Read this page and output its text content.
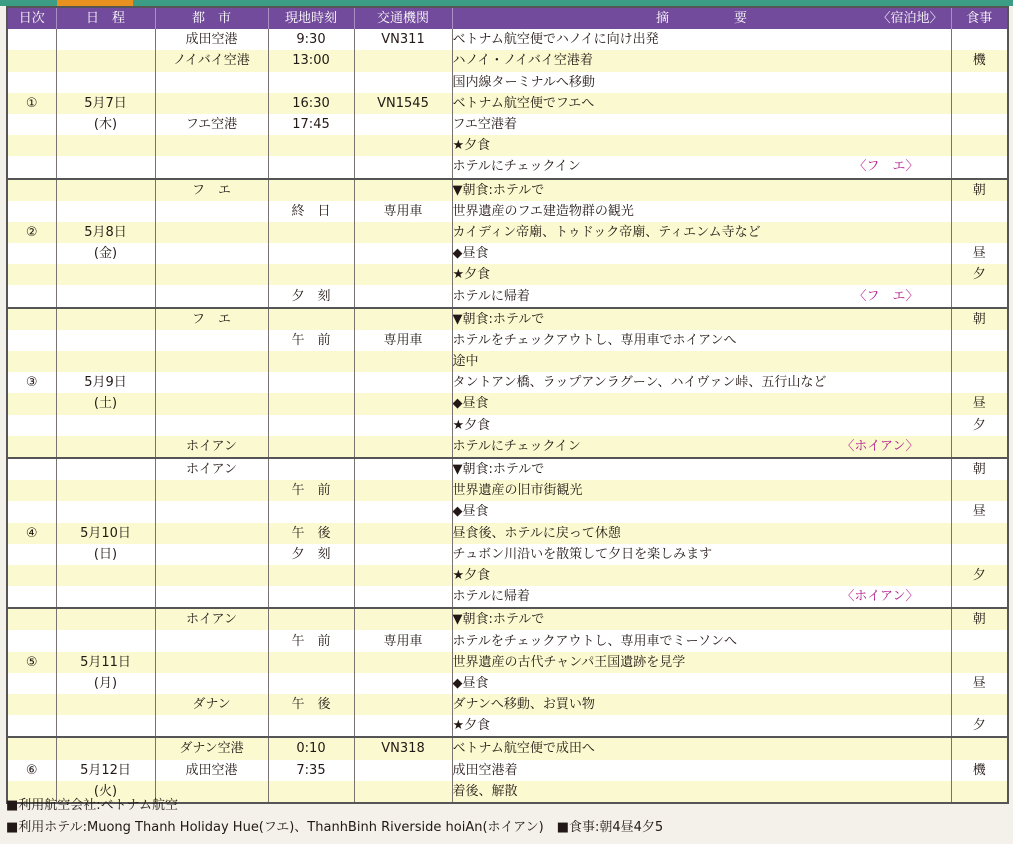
日次	日　程	都　市	現地時刻	交通機関	摘　　　　　要 〈宿泊地〉	食事
		成田空港	9:30	VN311	ベトナム航空便でハノイに向け出発	
		ノイバイ空港	13:00		ハノイ・ノイバイ空港着	機
					国内線ターミナルへ移動	
①	5月7日		16:30	VN1545	ベトナム航空便でフエへ	
	(木)	フエ空港	17:45		フエ空港着	
					★夕食	
					ホテルにチェックイン 〈フ　エ〉	

		フ　エ			▼朝食:ホテルで	朝
			終　日	専用車	世界遺産のフエ建造物群の観光	
②	5月8日				カイディン帝廟、トゥドック帝廟、ティエンム寺など	
	(金)				◆昼食	昼
					★夕食	夕
			夕　刻		ホテルに帰着 〈フ　エ〉	

		フ　エ			▼朝食:ホテルで	朝
			午　前	専用車	ホテルをチェックアウトし、専用車でホイアンへ	
					途中	
③	5月9日				タントアン橋、ラップアンラグーン、ハイヴァン峠、五行山など	
	(土)				◆昼食	昼
					★夕食	夕
		ホイアン			ホテルにチェックイン 〈ホイアン〉	

		ホイアン			▼朝食:ホテルで	朝
			午　前		世界遺産の旧市街観光	
					◆昼食	昼
④	5月10日		午　後		昼食後、ホテルに戻って休憩	
	(日)		夕　刻		チュボン川沿いを散策して夕日を楽しみます	
					★夕食	夕
					ホテルに帰着 〈ホイアン〉	

		ホイアン			▼朝食:ホテルで	朝
			午　前	専用車	ホテルをチェックアウトし、専用車でミーソンへ	
⑤	5月11日				世界遺産の古代チャンパ王国遺跡を見学	
	(月)				◆昼食	昼
		ダナン	午　後		ダナンへ移動、お買い物	
					★夕食	夕
		ダナン空港	0:10	VN318	ベトナム航空便で成田へ	
⑥	5月12日	成田空港	7:35		成田空港着	機
	(火)				着後、解散	
■利用航空会社:ベトナム航空
■利用ホテル:Muong Thanh Holiday Hue(フエ)、ThanhBinh Riverside hoiAn(ホイアン)　■食事:朝4昼4夕5
